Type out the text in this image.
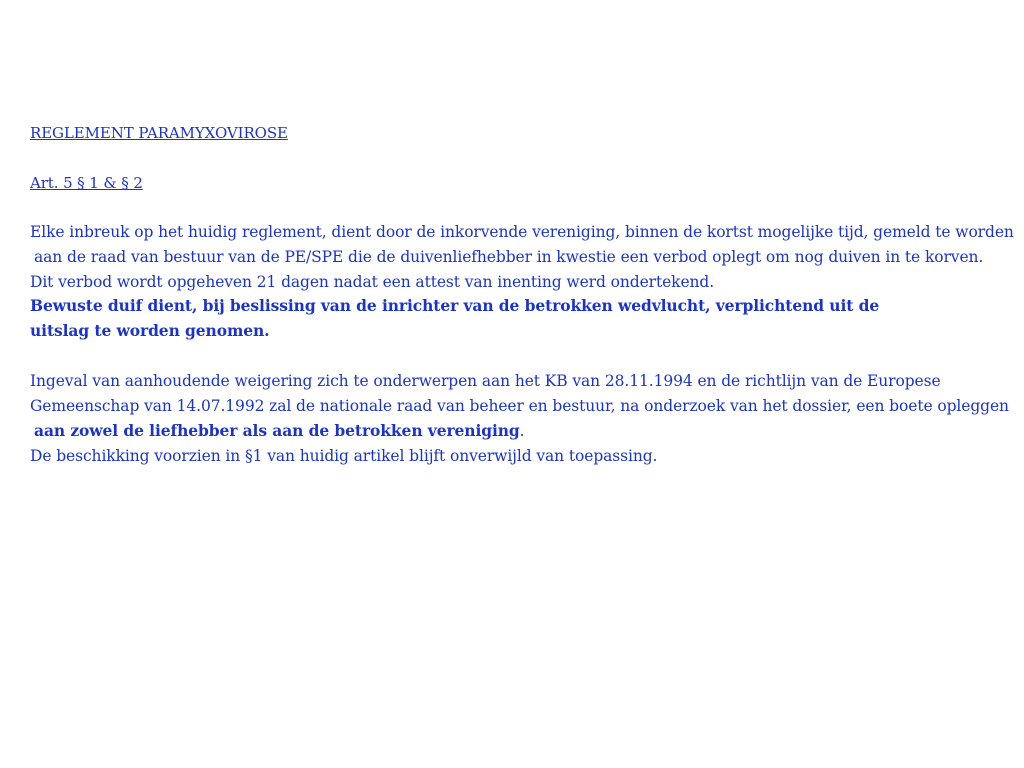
REGLEMENT PARAMYXOVIROSE
Art. 5 § 1 & § 2
Elke inbreuk op het huidig reglement, dient door de inkorvende vereniging, binnen de kortst mogelijke tijd, gemeld te worden
aan de raad van bestuur van de PE/SPE die de duivenliefhebber in kwestie een verbod oplegt om nog duiven in te korven.
Dit verbod wordt opgeheven 21 dagen nadat een attest van inenting werd ondertekend.
Bewuste duif dient, bij beslissing van de inrichter van de betrokken wedvlucht, verplichtend uit de
uitslag te worden genomen.
Ingeval van aanhoudende weigering zich te onderwerpen aan het KB van 28.11.1994 en de richtlijn van de Europese
Gemeenschap van 14.07.1992 zal de nationale raad van beheer en bestuur, na onderzoek van het dossier, een boete opleggen
aan zowel de liefhebber als aan de betrokken vereniging.
De beschikking voorzien in §1 van huidig artikel blijft onverwijld van toepassing.
